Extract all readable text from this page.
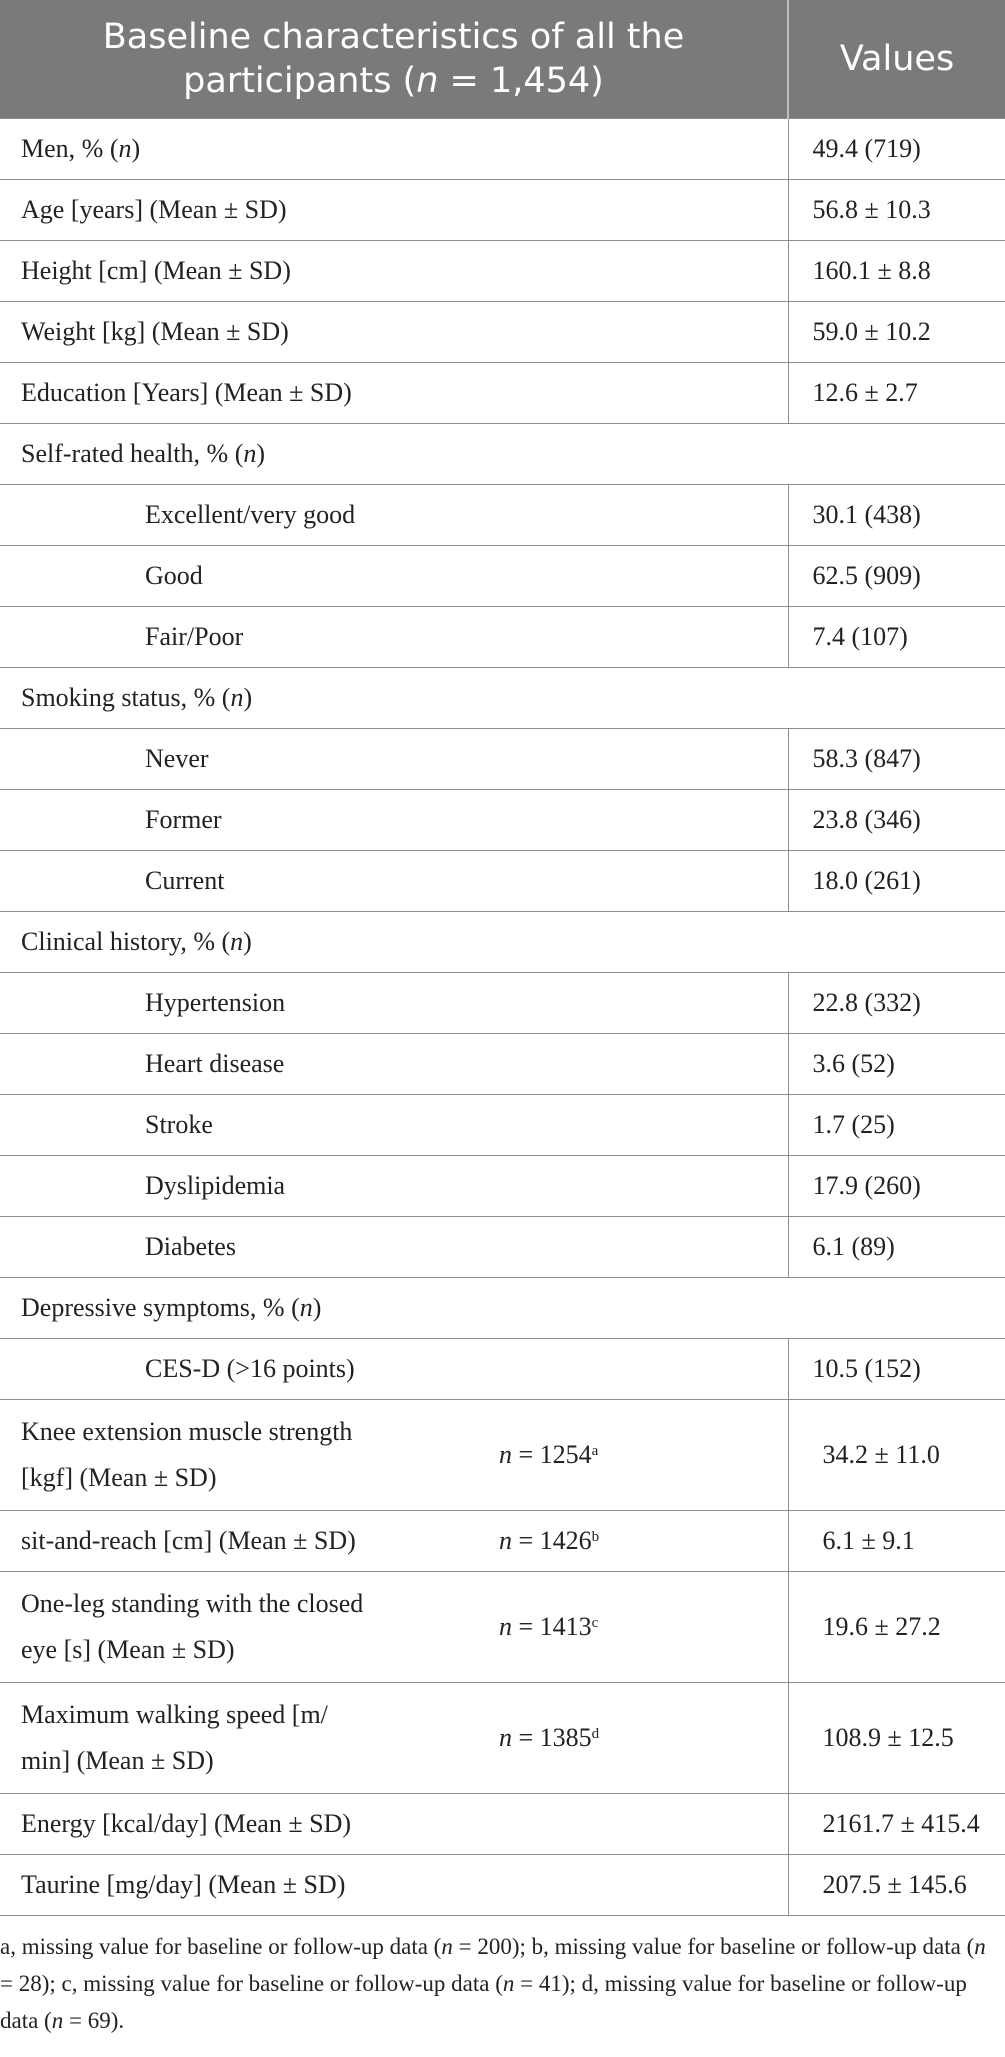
Baseline characteristics of all the
participants (n = 1,454)		Values
Men, % (n)		49.4 (719)
Age [years] (Mean ± SD)		56.8 ± 10.3
Height [cm] (Mean ± SD)		160.1 ± 8.8
Weight [kg] (Mean ± SD)		59.0 ± 10.2
Education [Years] (Mean ± SD)		12.6 ± 2.7
Self-rated health, % (n)		
Excellent/very good		30.1 (438)
Good		62.5 (909)
Fair/Poor		7.4 (107)
Smoking status, % (n)		
Never		58.3 (847)
Former		23.8 (346)
Current		18.0 (261)
Clinical history, % (n)		
Hypertension		22.8 (332)
Heart disease		3.6 (52)
Stroke		1.7 (25)
Dyslipidemia		17.9 (260)
Diabetes		6.1 (89)
Depressive symptoms, % (n)		
CES-D (>16 points)		10.5 (152)
Knee extension muscle strength
[kgf] (Mean ± SD)	$n = 1254^a$	34.2 ± 11.0
sit-and-reach [cm] (Mean ± SD)	$n = 1426^b$	6.1 ± 9.1
One-leg standing with the closed
eye [s] (Mean ± SD)	$n = 1413^c$	19.6 ± 27.2
Maximum walking speed [m/
min] (Mean ± SD)	$n = 1385^d$	108.9 ± 12.5
Energy [kcal/day] (Mean ± SD)		2161.7 ± 415.4
Taurine [mg/day] (Mean ± SD)		207.5 ± 145.6
a, missing value for baseline or follow-up data (n = 200); b, missing value for baseline or follow-up data (n = 28); c, missing value for baseline or follow-up data (n = 41); d, missing value for baseline or follow-up data (n = 69).
